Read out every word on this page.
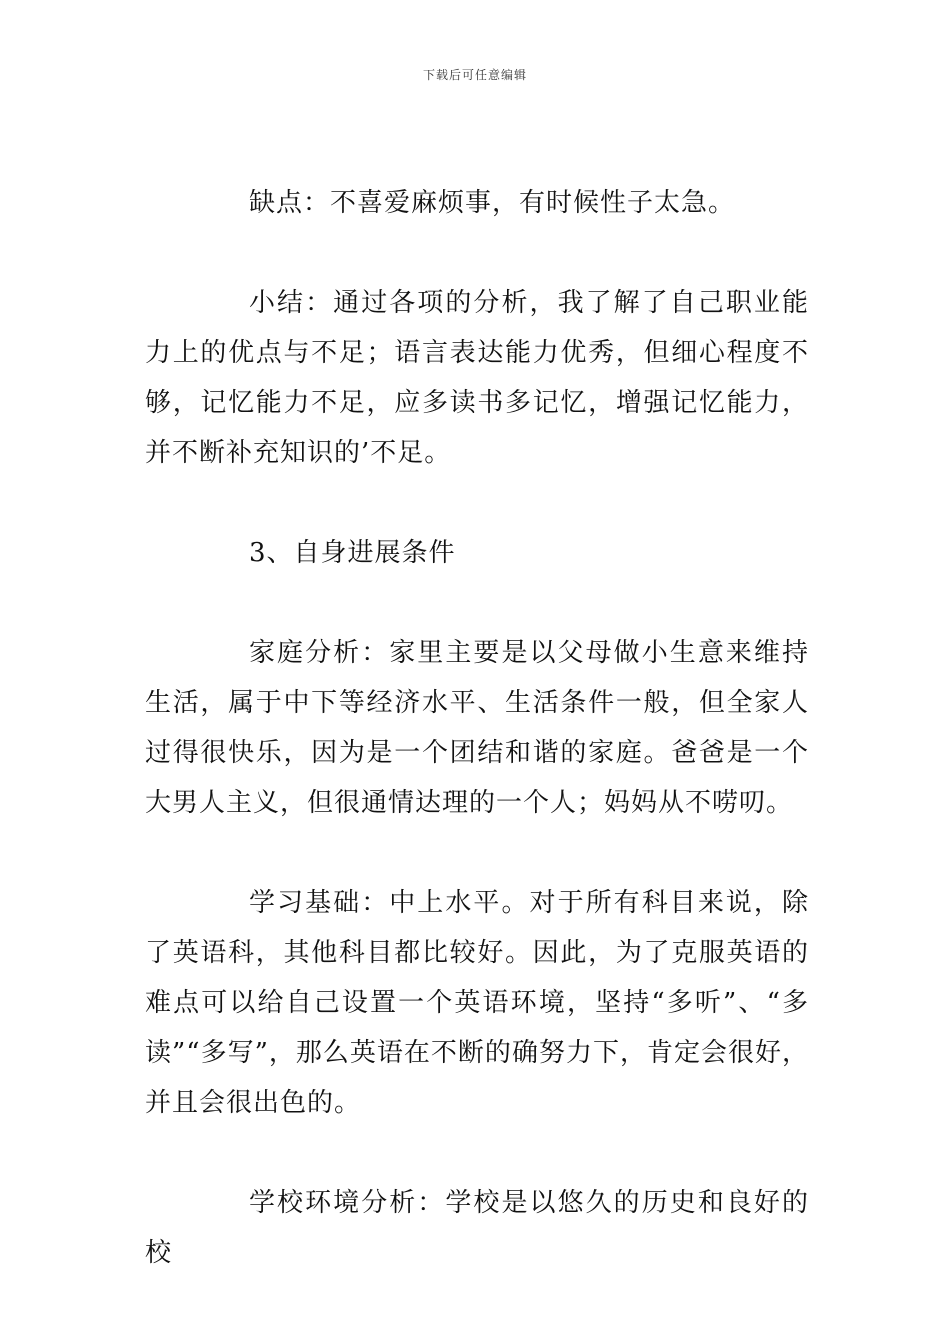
下载后可任意编辑

缺点：不喜爱麻烦事，有时候性子太急。

小结：通过各项的分析，我了解了自己职业能力上的优点与不足；语言表达能力优秀，但细心程度不够，记忆能力不足，应多读书多记忆，增强记忆能力，并不断补充知识的’不足。

3、自身进展条件

家庭分析：家里主要是以父母做小生意来维持生活，属于中下等经济水平、生活条件一般，但全家人过得很快乐，因为是一个团结和谐的家庭。爸爸是一个大男人主义，但很通情达理的一个人；妈妈从不唠叨。

学习基础：中上水平。对于所有科目来说，除了英语科，其他科目都比较好。因此，为了克服英语的难点可以给自己设置一个英语环境，坚持“多听”、“多读”“多写”，那么英语在不断的确努力下，肯定会很好，并且会很出色的。

学校环境分析：学校是以悠久的历史和良好的校
